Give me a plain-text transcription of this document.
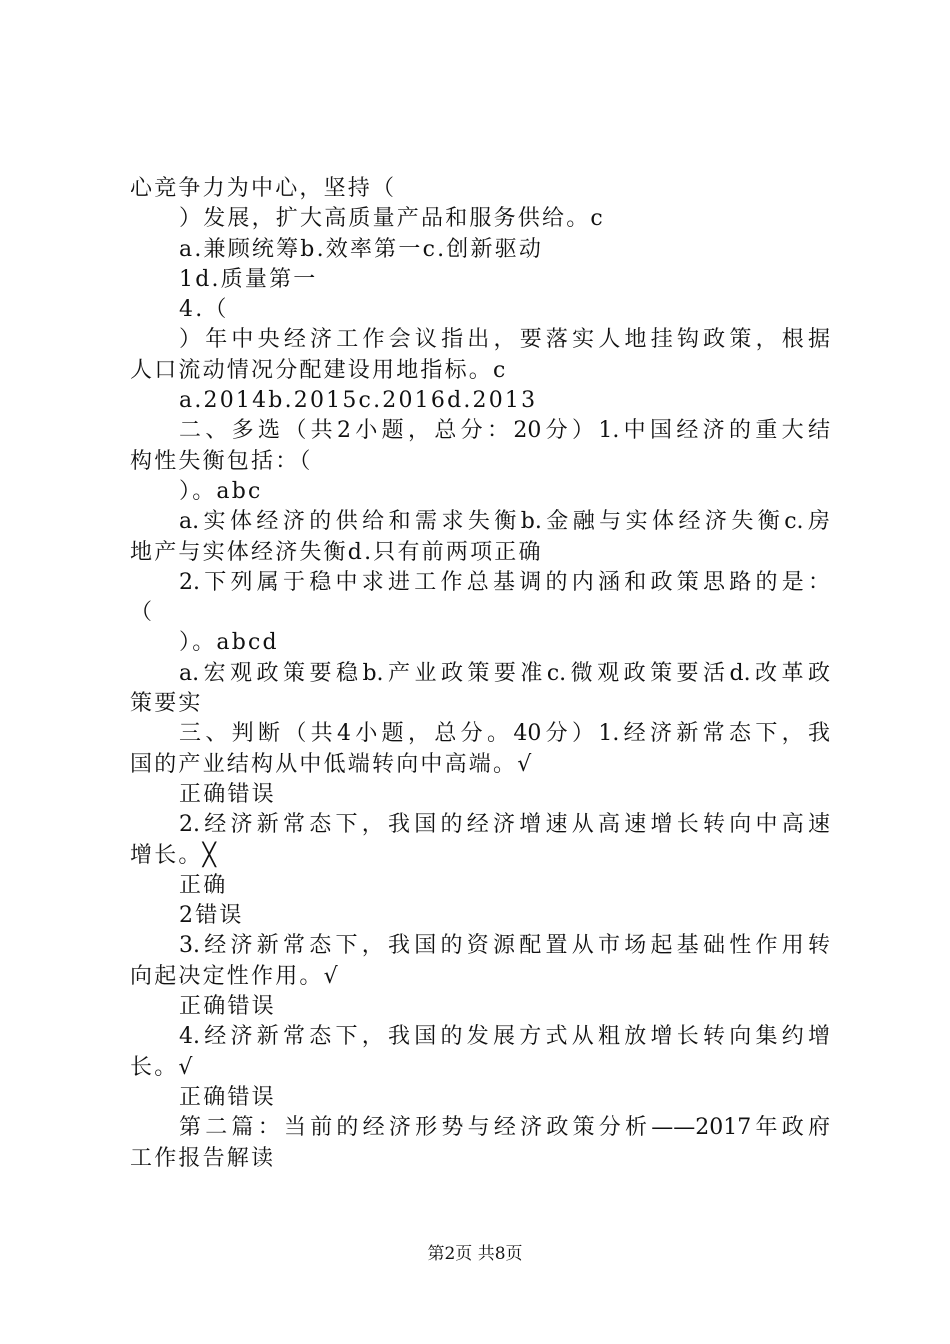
心竞争力为中心，坚持（
）发展，扩大高质量产品和服务供给。c
a.兼顾统筹b.效率第一c.创新驱动
1d.质量第一
4.（
）年中央经济工作会议指出，要落实人地挂钩政策，根据
人口流动情况分配建设用地指标。c
a.2014b.2015c.2016d.2013
二、多选（共2小题，总分：20分）1.中国经济的重大结
构性失衡包括：（
）。abc
a.实体经济的供给和需求失衡b.金融与实体经济失衡c.房
地产与实体经济失衡d.只有前两项正确
2.下列属于稳中求进工作总基调的内涵和政策思路的是：
（
）。abcd
a.宏观政策要稳b.产业政策要准c.微观政策要活d.改革政
策要实
三、判断（共4小题，总分。40分）1.经济新常态下，我
国的产业结构从中低端转向中高端。√
正确错误
2.经济新常态下，我国的经济增速从高速增长转向中高速
增长。╳
正确
2错误
3.经济新常态下，我国的资源配置从市场起基础性作用转
向起决定性作用。√
正确错误
4.经济新常态下，我国的发展方式从粗放增长转向集约增
长。√
正确错误
第二篇：当前的经济形势与经济政策分析——2017年政府
工作报告解读
第2页 共8页
